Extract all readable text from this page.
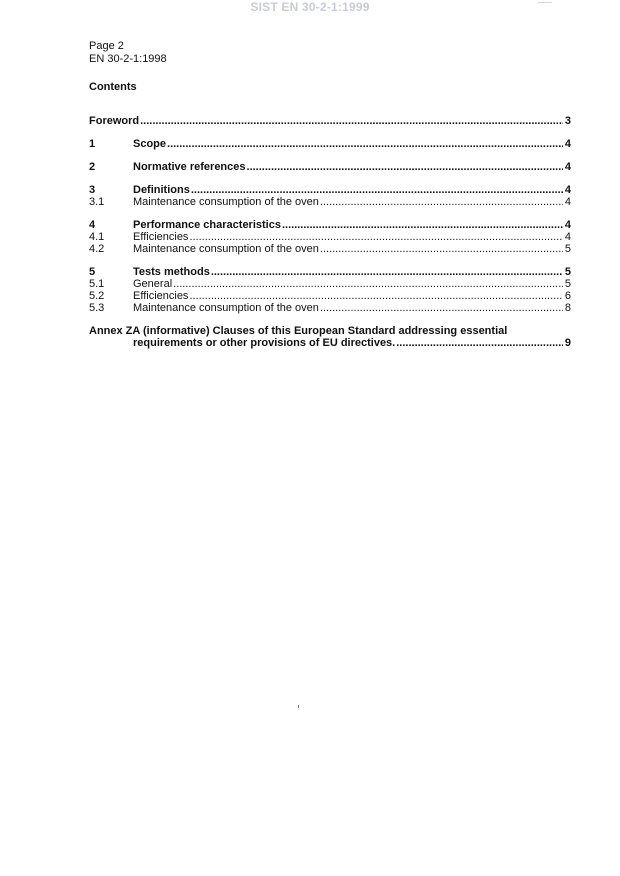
SIST EN 30-2-1:1999
Page 2
EN 30-2-1:1998
Contents
Foreword .....	3
1	Scope .....	4
2	Normative references .....	4
3	Definitions .....	4
3.1	Maintenance consumption of the oven .....	4
4	Performance characteristics .....	4
4.1	Efficiencies .....	4
4.2	Maintenance consumption of the oven .....	5
5	Tests methods .....	5
5.1	General .....	5
5.2	Efficiencies .....	6
5.3	Maintenance consumption of the oven .....	8
Annex ZA (informative) Clauses of this European Standard addressing essential
requirements or other provisions of EU directives. .....	9
